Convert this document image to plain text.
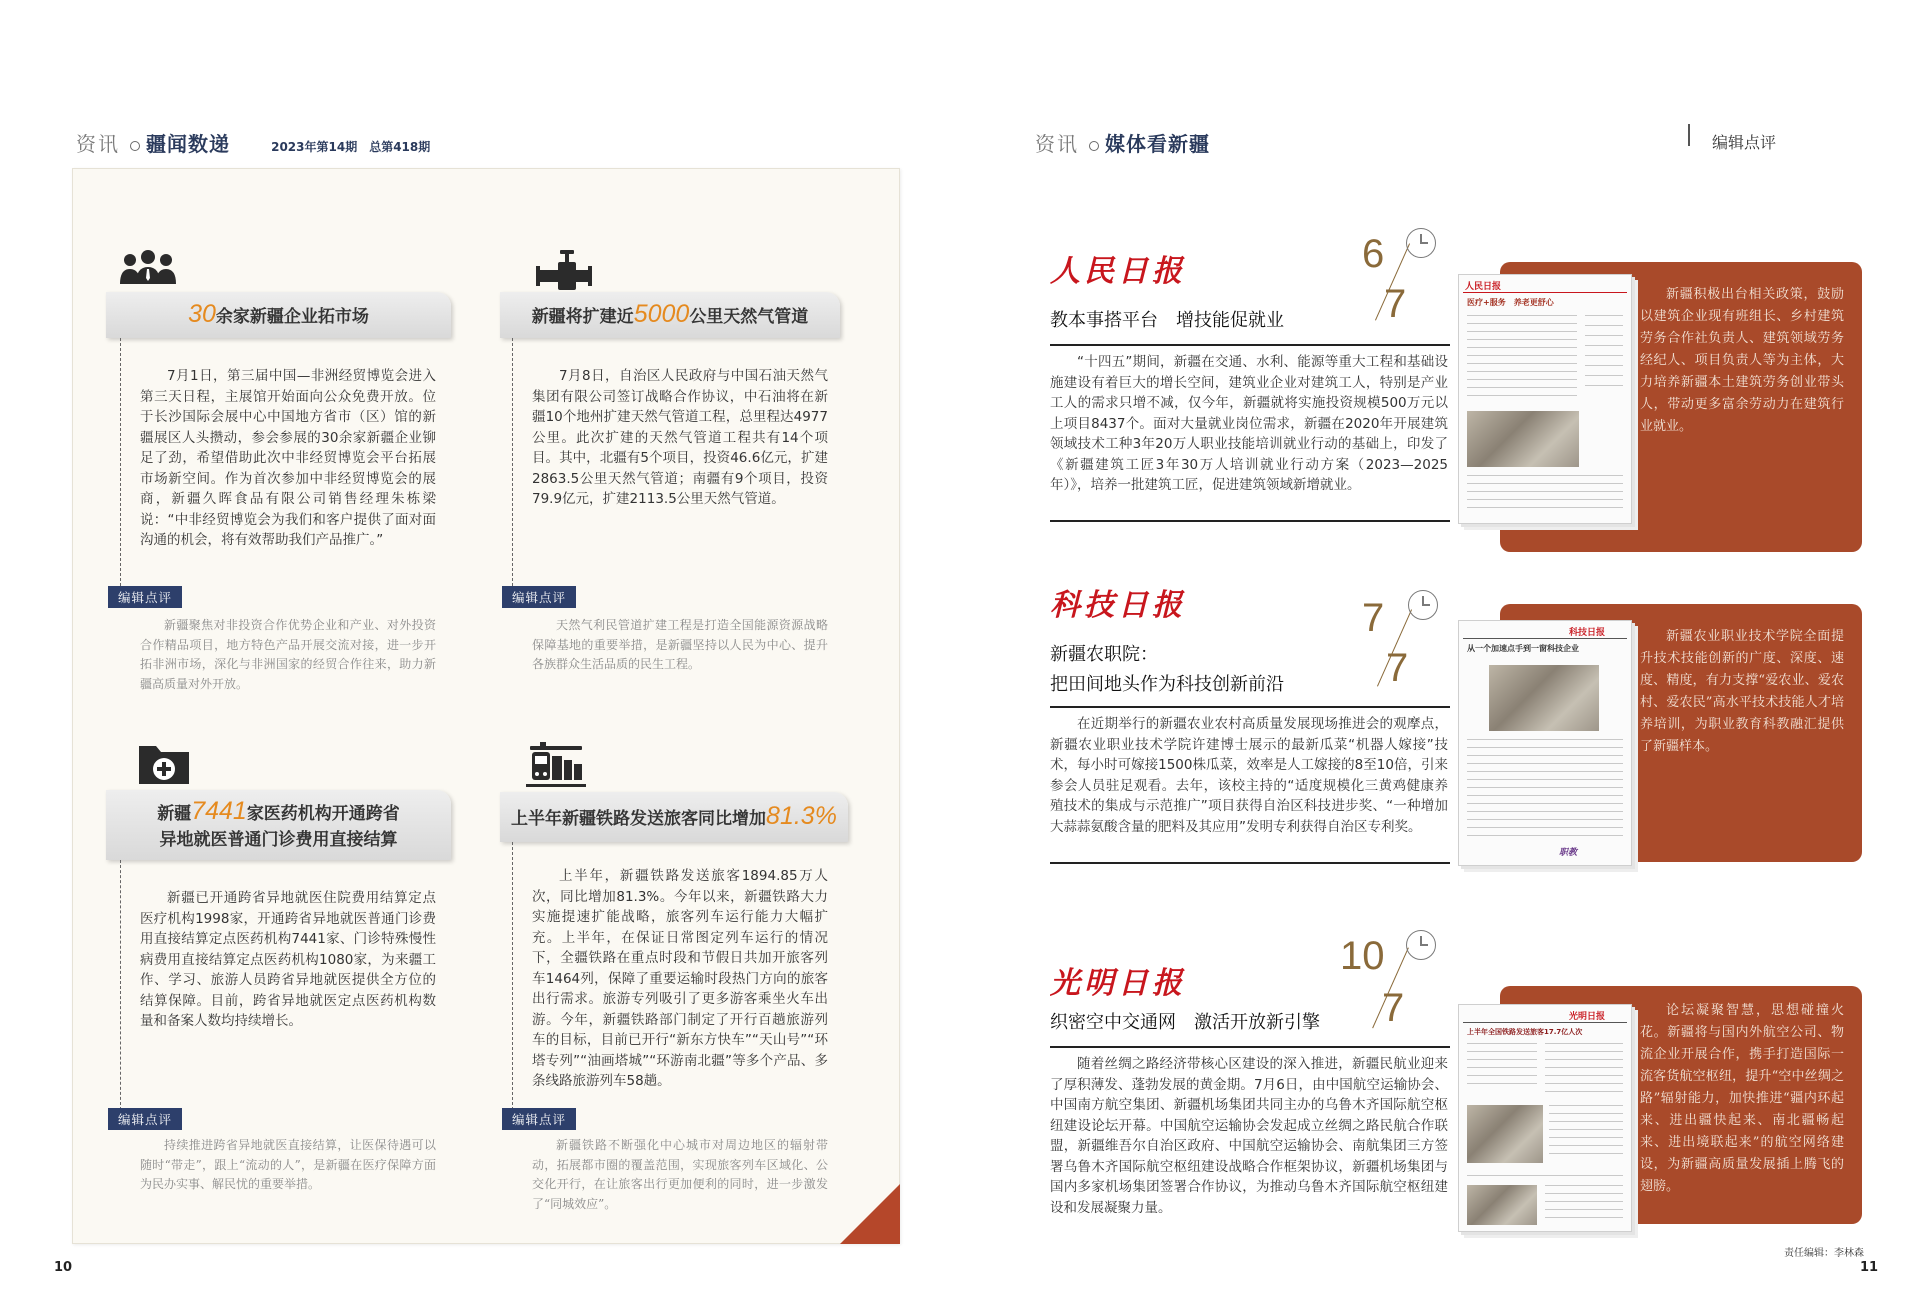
资讯 疆闻数递	2023年第14期　总第418期	资讯 媒体看新疆	编辑点评
30余家新疆企业拓市场
7月1日，第三届中国—非洲经贸博览会进入第三天日程，主展馆开始面向公众免费开放。位于长沙国际会展中心中国地方省市（区）馆的新疆展区人头攒动，参会参展的30余家新疆企业铆足了劲，希望借助此次中非经贸博览会平台拓展市场新空间。作为首次参加中非经贸博览会的展商，新疆久晖食品有限公司销售经理朱栋梁说：“中非经贸博览会为我们和客户提供了面对面沟通的机会，将有效帮助我们产品推广。”
编辑点评
新疆聚焦对非投资合作优势企业和产业、对外投资合作精品项目，地方特色产品开展交流对接，进一步开拓非洲市场，深化与非洲国家的经贸合作往来，助力新疆高质量对外开放。
新疆将扩建近5000公里天然气管道
7月8日，自治区人民政府与中国石油天然气集团有限公司签订战略合作协议，中石油将在新疆10个地州扩建天然气管道工程，总里程达4977公里。此次扩建的天然气管道工程共有14个项目。其中，北疆有5个项目，投资46.6亿元，扩建2863.5公里天然气管道；南疆有9个项目，投资79.9亿元，扩建2113.5公里天然气管道。
编辑点评
天然气利民管道扩建工程是打造全国能源资源战略保障基地的重要举措，是新疆坚持以人民为中心、提升各族群众生活品质的民生工程。
新疆7441家医药机构开通跨省
异地就医普通门诊费用直接结算
新疆已开通跨省异地就医住院费用结算定点医疗机构1998家，开通跨省异地就医普通门诊费用直接结算定点医药机构7441家、门诊特殊慢性病费用直接结算定点医药机构1080家，为来疆工作、学习、旅游人员跨省异地就医提供全方位的结算保障。目前，跨省异地就医定点医药机构数量和备案人数均持续增长。
编辑点评
持续推进跨省异地就医直接结算，让医保待遇可以随时“带走”，跟上“流动的人”，是新疆在医疗保障方面为民办实事、解民忧的重要举措。
上半年新疆铁路发送旅客同比增加81.3%
上半年，新疆铁路发送旅客1894.85万人次，同比增加81.3%。今年以来，新疆铁路大力实施提速扩能战略，旅客列车运行能力大幅扩充。上半年，在保证日常图定列车运行的情况下，全疆铁路在重点时段和节假日共加开旅客列车1464列，保障了重要运输时段热门方向的旅客出行需求。旅游专列吸引了更多游客乘坐火车出游。今年，新疆铁路部门制定了开行百趟旅游列车的目标，目前已开行“新东方快车”“天山号”“环塔专列”“油画塔城”“环游南北疆”等多个产品、多条线路旅游列车58趟。
编辑点评
新疆铁路不断强化中心城市对周边地区的辐射带动，拓展都市圈的覆盖范围，实现旅客列车区域化、公交化开行，在让旅客出行更加便利的同时，进一步激发了“同城效应”。
10
人民日报	6
7
教本事搭平台　增技能促就业
“十四五”期间，新疆在交通、水利、能源等重大工程和基础设施建设有着巨大的增长空间，建筑业企业对建筑工人，特别是产业工人的需求只增不减，仅今年，新疆就将实施投资规模500万元以上项目8437个。面对大量就业岗位需求，新疆在2020年开展建筑领域技术工种3年20万人职业技能培训就业行动的基础上，印发了《新疆建筑工匠3年30万人培训就业行动方案（2023—2025年）》，培养一批建筑工匠，促进建筑领域新增就业。
新疆积极出台相关政策，鼓励以建筑企业现有班组长、乡村建筑劳务合作社负责人、建筑领域劳务经纪人、项目负责人等为主体，大力培养新疆本土建筑劳务创业带头人，带动更多富余劳动力在建筑行业就业。
人民日报
医疗+服务　养老更舒心
科技日报	7
7
新疆农职院：
把田间地头作为科技创新前沿
在近期举行的新疆农业农村高质量发展现场推进会的观摩点，新疆农业职业技术学院许建博士展示的最新瓜菜“机器人嫁接”技术，每小时可嫁接1500株瓜菜，效率是人工嫁接的8至10倍，引来参会人员驻足观看。去年，该校主持的“适度规模化三黄鸡健康养殖技术的集成与示范推广”项目获得自治区科技进步奖、“一种增加大蒜蒜氨酸含量的肥料及其应用”发明专利获得自治区专利奖。
新疆农业职业技术学院全面提升技术技能创新的广度、深度、速度、精度，有力支撑“爱农业、爱农村、爱农民”高水平技术技能人才培养培训，为职业教育科教融汇提供了新疆样本。
科技日报
从一个加速点手到一窗科技企业
职教
光明日报
10
7
织密空中交通网　激活开放新引擎
随着丝绸之路经济带核心区建设的深入推进，新疆民航业迎来了厚积薄发、蓬勃发展的黄金期。7月6日，由中国航空运输协会、中国南方航空集团、新疆机场集团共同主办的乌鲁木齐国际航空枢纽建设论坛开幕。中国航空运输协会发起成立丝绸之路民航合作联盟，新疆维吾尔自治区政府、中国航空运输协会、南航集团三方签署乌鲁木齐国际航空枢纽建设战略合作框架协议，新疆机场集团与国内多家机场集团签署合作协议，为推动乌鲁木齐国际航空枢纽建设和发展凝聚力量。
论坛凝聚智慧，思想碰撞火花。新疆将与国内外航空公司、物流企业开展合作，携手打造国际一流客货航空枢纽，提升“空中丝绸之路”辐射能力，加快推进“疆内环起来、进出疆快起来、南北疆畅起来、进出境联起来”的航空网络建设，为新疆高质量发展插上腾飞的翅膀。
光明日报
上半年全国铁路发送旅客17.7亿人次
责任编辑：李林森
11
